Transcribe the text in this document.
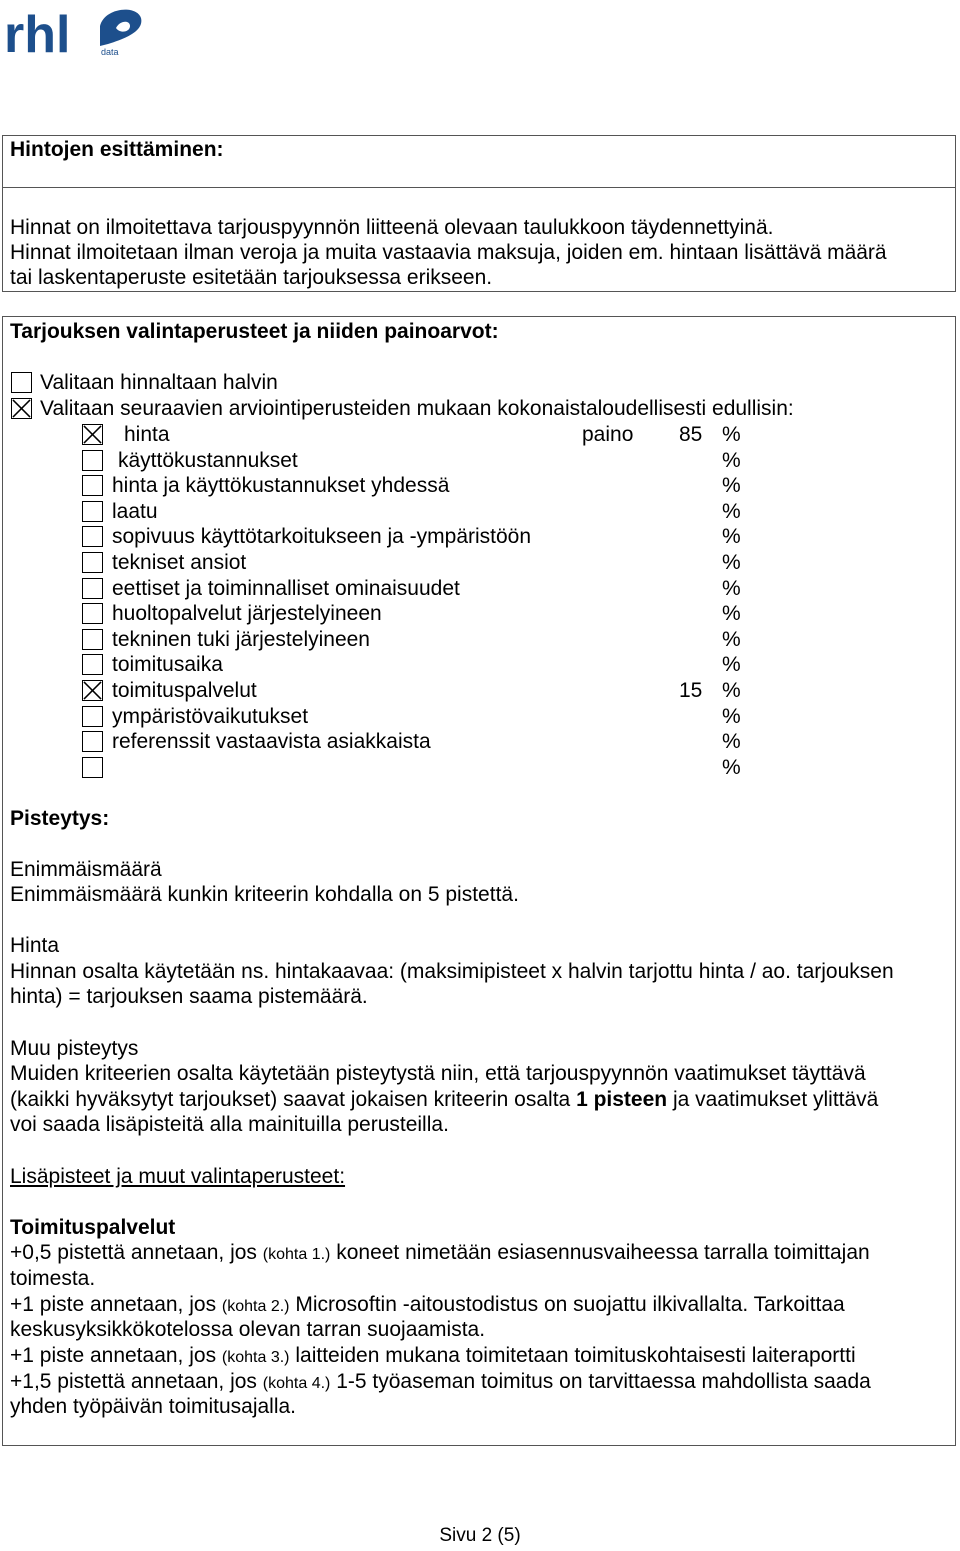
rhl	data
Hintojen esittäminen:
Hinnat on ilmoitettava tarjouspyynnön liitteenä olevaan taulukkoon täydennettyinä.
Hinnat ilmoitetaan ilman veroja ja muita vastaavia maksuja, joiden em. hintaan lisättävä määrä
tai laskentaperuste esitetään tarjouksessa erikseen.
Tarjouksen valintaperusteet ja niiden painoarvot:
Valitaan hinnaltaan halvin
Valitaan seuraavien arviointiperusteiden mukaan kokonaistaloudellisesti edullisin:
paino
hinta	85 %
käyttökustannukset	%
hinta ja käyttökustannukset yhdessä	%
laatu	%
sopivuus käyttötarkoitukseen ja -ympäristöön	%
tekniset ansiot	%
eettiset ja toiminnalliset ominaisuudet	%
huoltopalvelut järjestelyineen	%
tekninen tuki järjestelyineen	%
toimitusaika	%
toimituspalvelut	15 %
ympäristövaikutukset	%
referenssit vastaavista asiakkaista	%
%
Pisteytys:
Enimmäismäärä
Enimmäismäärä kunkin kriteerin kohdalla on 5 pistettä.
Hinta
Hinnan osalta käytetään ns. hintakaavaa: (maksimipisteet x halvin tarjottu hinta / ao. tarjouksen
hinta) = tarjouksen saama pistemäärä.
Muu pisteytys
Muiden kriteerien osalta käytetään pisteytystä niin, että tarjouspyynnön vaatimukset täyttävä
(kaikki hyväksytyt tarjoukset) saavat jokaisen kriteerin osalta 1 pisteen ja vaatimukset ylittävä
voi saada lisäpisteitä alla mainituilla perusteilla.
Lisäpisteet ja muut valintaperusteet:
Toimituspalvelut
+0,5 pistettä annetaan, jos (kohta 1.) koneet nimetään esiasennusvaiheessa tarralla toimittajan
toimesta.
+1 piste annetaan, jos (kohta 2.) Microsoftin -aitoustodistus on suojattu ilkivallalta. Tarkoittaa
keskusyksikkökotelossa olevan tarran suojaamista.
+1 piste annetaan, jos (kohta 3.) laitteiden mukana toimitetaan toimituskohtaisesti laiteraportti
+1,5 pistettä annetaan, jos (kohta 4.) 1-5 työaseman toimitus on tarvittaessa mahdollista saada
yhden työpäivän toimitusajalla.
Sivu 2 (5)
